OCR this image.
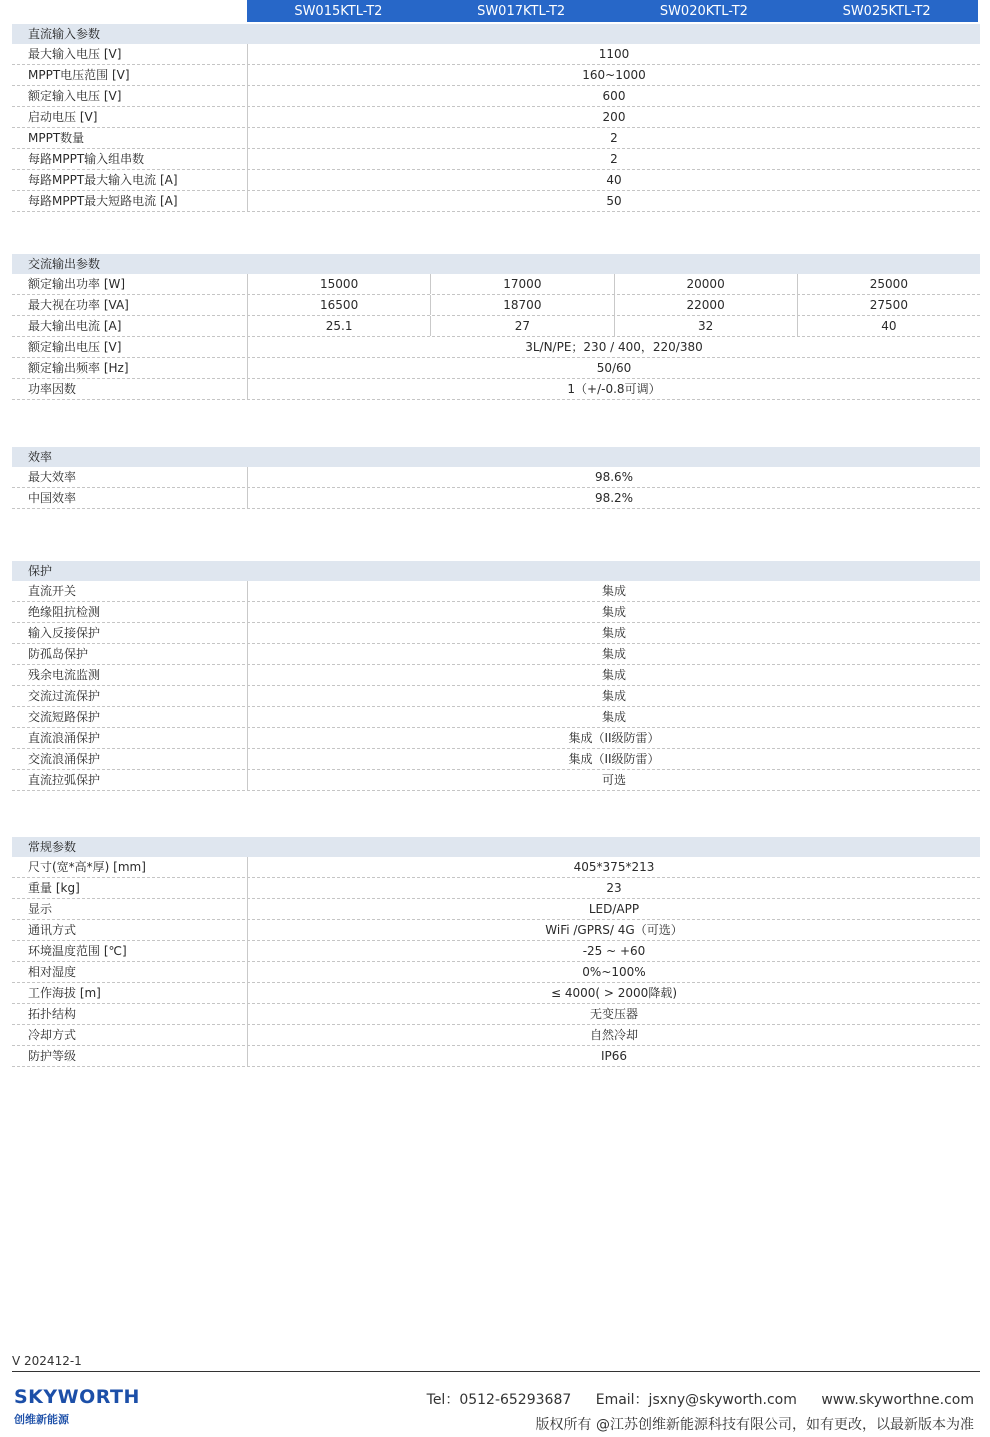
SW015KTL-T2	SW017KTL-T2	SW020KTL-T2	SW025KTL-T2
直流输入参数
最大输入电压 [V]	1100
MPPT电压范围 [V]	160~1000
额定输入电压 [V]	600
启动电压 [V]	200
MPPT数量	2
每路MPPT输入组串数	2
每路MPPT最大输入电流 [A]	40
每路MPPT最大短路电流 [A]	50
交流输出参数
额定输出功率 [W]	15000	17000	20000	25000
最大视在功率 [VA]	16500	18700	22000	27500
最大输出电流 [A]	25.1	27	32	40
额定输出电压 [V]	3L/N/PE；230 / 400，220/380
额定输出频率 [Hz]	50/60
功率因数	1（+/-0.8可调）
效率
最大效率	98.6%
中国效率	98.2%
保护
直流开关	集成
绝缘阻抗检测	集成
输入反接保护	集成
防孤岛保护	集成
残余电流监测	集成
交流过流保护	集成
交流短路保护	集成
直流浪涌保护	集成（II级防雷）
交流浪涌保护	集成（II级防雷）
直流拉弧保护	可选
常规参数
尺寸(宽*高*厚) [mm]	405*375*213
重量 [kg]	23
显示	LED/APP
通讯方式	WiFi /GPRS/ 4G（可选）
环境温度范围 [℃]	-25 ~ +60
相对湿度	0%~100%
工作海拔 [m]	≤ 4000( > 2000降载)
拓扑结构	无变压器
冷却方式	自然冷却
防护等级	IP66
V 202412-1
SKYWORTH
创维新能源
Tel：0512-65293687 Email：jsxny@skyworth.com www.skyworthne.com
版权所有 @江苏创维新能源科技有限公司，如有更改，以最新版本为准
